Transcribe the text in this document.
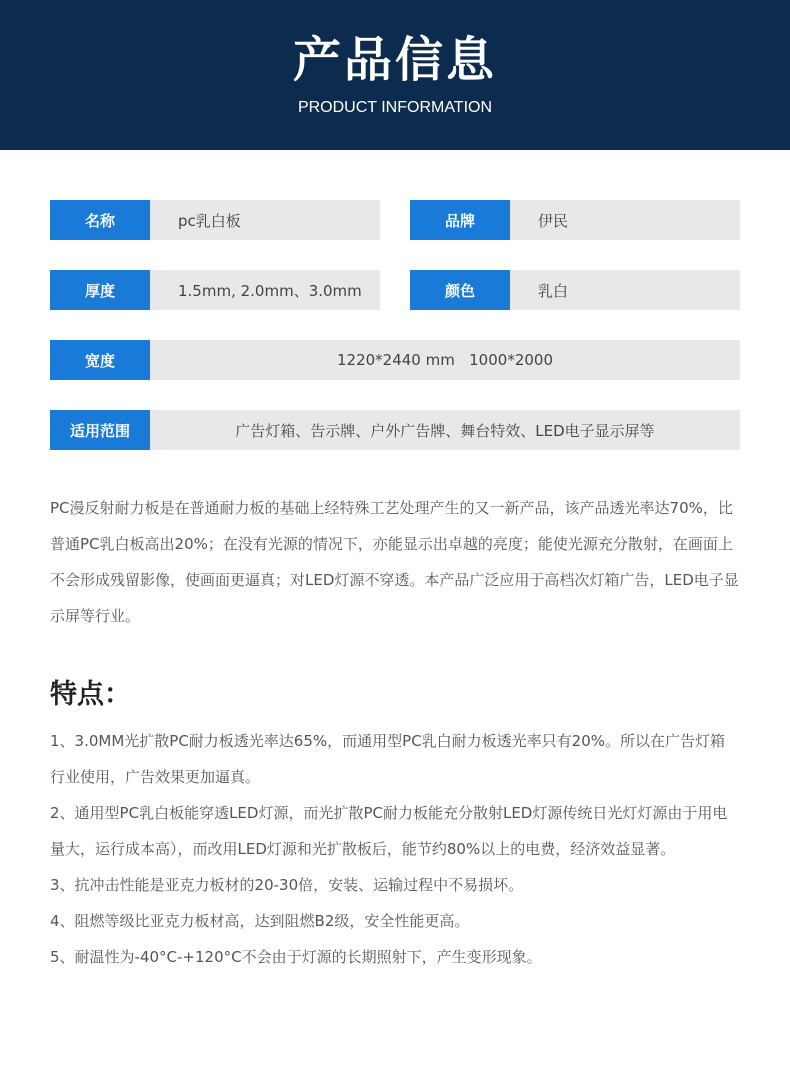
产品信息
PRODUCT INFORMATION
名称	pc乳白板	品牌	伊民
厚度	1.5mm, 2.0mm、3.0mm	颜色	乳白
宽度	1220*2440 mm   1000*2000
适用范围	广告灯箱、告示牌、户外广告牌、舞台特效、LED电子显示屏等

PC漫反射耐力板是在普通耐力板的基础上经特殊工艺处理产生的又一新产品，该产品透光率达70%，比普通PC乳白板高出20%；在没有光源的情况下，亦能显示出卓越的亮度；能使光源充分散射，在画面上不会形成残留影像，使画面更逼真；对LED灯源不穿透。本产品广泛应用于高档次灯箱广告，LED电子显示屏等行业。

特点：

1、3.0MM光扩散PC耐力板透光率达65%，而通用型PC乳白耐力板透光率只有20%。所以在广告灯箱行业使用，广告效果更加逼真。

2、通用型PC乳白板能穿透LED灯源，而光扩散PC耐力板能充分散射LED灯源传统日光灯灯源由于用电量大，运行成本高），而改用LED灯源和光扩散板后，能节约80%以上的电费，经济效益显著。

3、抗冲击性能是亚克力板材的20-30倍，安装、运输过程中不易损坏。

4、阻燃等级比亚克力板材高，达到阻燃B2级，安全性能更高。

5、耐温性为-40°C-+120°C不会由于灯源的长期照射下，产生变形现象。
